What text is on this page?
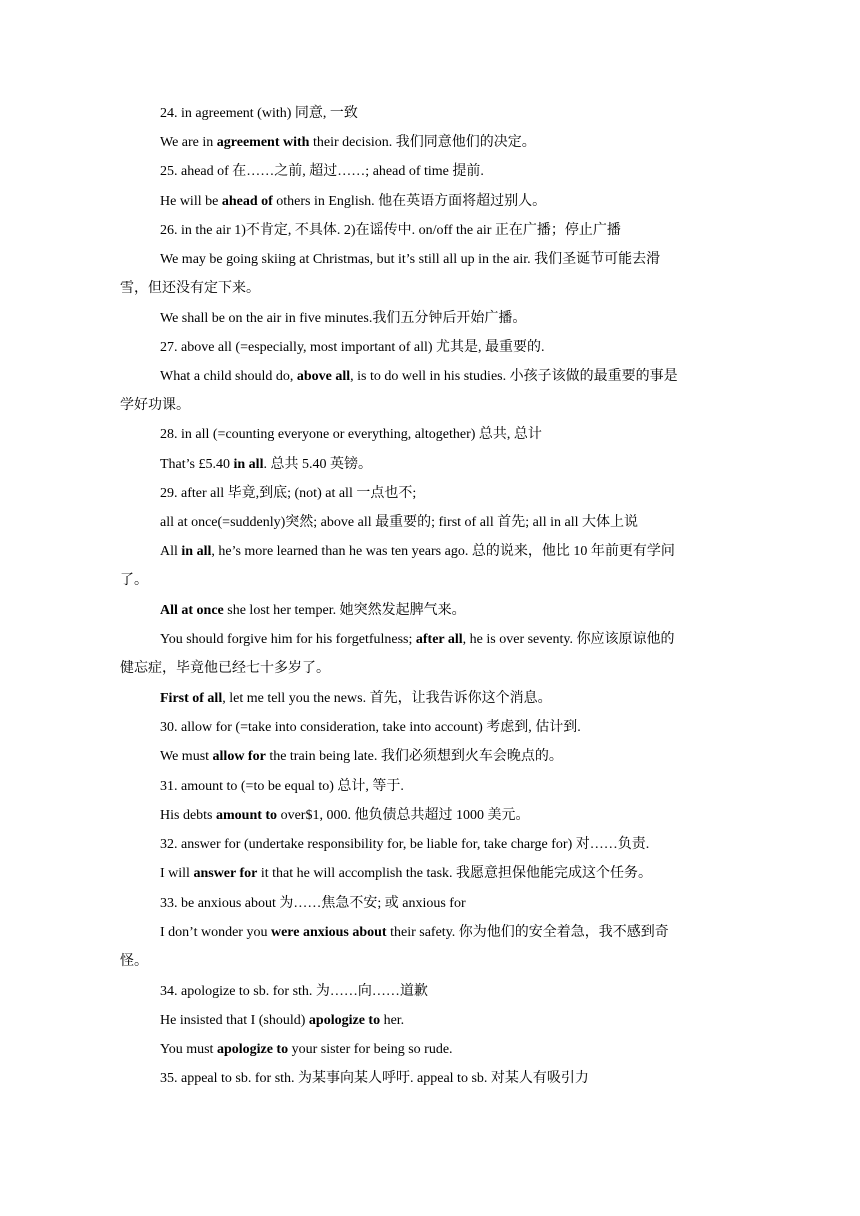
24. in agreement (with) 同意, 一致
We are in agreement with their decision. 我们同意他们的决定。
25. ahead of 在……之前, 超过……; ahead of time 提前.
He will be ahead of others in English. 他在英语方面将超过别人。
26. in the air 1)不肯定, 不具体. 2)在谣传中. on/off the air 正在广播；停止广播
We may be going skiing at Christmas, but it’s still all up in the air. 我们圣诞节可能去滑
雪，但还没有定下来。
We shall be on the air in five minutes.我们五分钟后开始广播。
27. above all (=especially, most important of all) 尤其是, 最重要的.
What a child should do, above all, is to do well in his studies. 小孩子该做的最重要的事是
学好功课。
28. in all (=counting everyone or everything, altogether) 总共, 总计
That’s £5.40 in all. 总共 5.40 英镑。
29. after all 毕竟,到底; (not) at all 一点也不;
all at once(=suddenly)突然; above all 最重要的; first of all 首先; all in all 大体上说
All in all, he’s more learned than he was ten years ago. 总的说来，他比 10 年前更有学问
了。
All at once she lost her temper. 她突然发起脾气来。
You should forgive him for his forgetfulness; after all, he is over seventy. 你应该原谅他的
健忘症，毕竟他已经七十多岁了。
First of all, let me tell you the news. 首先，让我告诉你这个消息。
30. allow for (=take into consideration, take into account) 考虑到, 估计到.
We must allow for the train being late. 我们必须想到火车会晚点的。
31. amount to (=to be equal to) 总计, 等于.
His debts amount to over$1, 000. 他负债总共超过 1000 美元。
32. answer for (undertake responsibility for, be liable for, take charge for) 对……负责.
I will answer for it that he will accomplish the task. 我愿意担保他能完成这个任务。
33. be anxious about 为……焦急不安; 或 anxious for
I don’t wonder you were anxious about their safety. 你为他们的安全着急，我不感到奇
怪。
34. apologize to sb. for sth. 为……向……道歉
He insisted that I (should) apologize to her.
You must apologize to your sister for being so rude.
35. appeal to sb. for sth. 为某事向某人呼吁. appeal to sb. 对某人有吸引力
